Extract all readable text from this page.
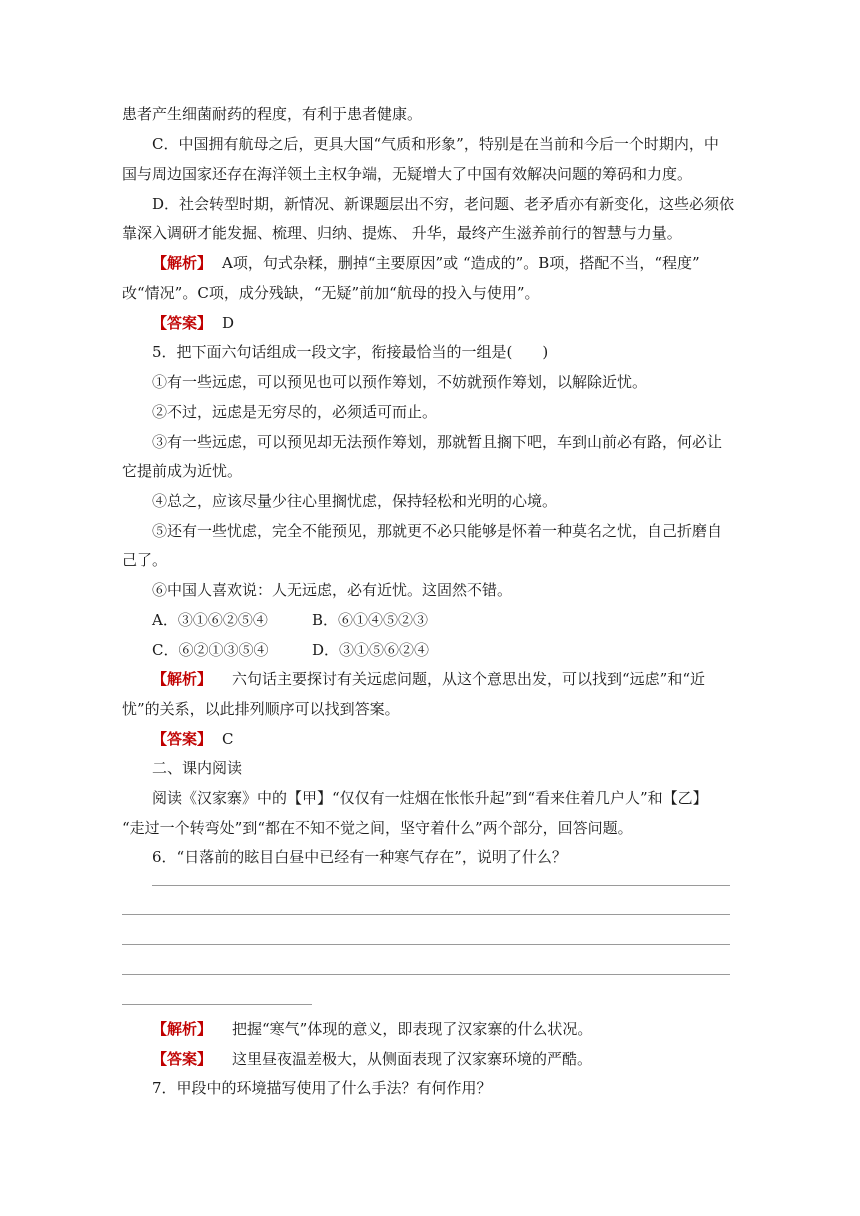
患者产生细菌耐药的程度，有利于患者健康。
C．中国拥有航母之后，更具大国“气质和形象”，特别是在当前和今后一个时期内，中
国与周边国家还存在海洋领土主权争端，无疑增大了中国有效解决问题的筹码和力度。
D．社会转型时期，新情况、新课题层出不穷，老问题、老矛盾亦有新变化，这些必须依
靠深入调研才能发掘、梳理、归纳、提炼、 升华，最终产生滋养前行的智慧与力量。
【解析】 A项，句式杂糅，删掉“主要原因”或 “造成的”。B项，搭配不当，“程度”
改“情况”。C项，成分残缺，“无疑”前加“航母的投入与使用”。
【答案】 D
5．把下面六句话组成一段文字，衔接最恰当的一组是(　　)
①有一些远虑，可以预见也可以预作筹划，不妨就预作筹划，以解除近忧。
②不过，远虑是无穷尽的，必须适可而止。
③有一些远虑，可以预见却无法预作筹划，那就暂且搁下吧，车到山前必有路，何必让
它提前成为近忧。
④总之，应该尽量少往心里搁忧虑，保持轻松和光明的心境。
⑤还有一些忧虑，完全不能预见，那就更不必只能够是怀着一种莫名之忧，自己折磨自
己了。
⑥中国人喜欢说：人无远虑，必有近忧。这固然不错。
A．③①⑥②⑤④	B．⑥①④⑤②③
C．⑥②①③⑤④	D．③①⑤⑥②④
【解析】 六句话主要探讨有关远虑问题，从这个意思出发，可以找到“远虑”和“近
忧”的关系，以此排列顺序可以找到答案。
【答案】 C
二、课内阅读
阅读《汉家寨》中的【甲】“仅仅有一炷烟在怅怅升起”到“看来住着几户人”和【乙】
“走过一个转弯处”到“都在不知不觉之间，坚守着什么”两个部分，回答问题。
6．“日落前的眩目白昼中已经有一种寒气存在”，说明了什么？
【解析】 把握“寒气”体现的意义，即表现了汉家寨的什么状况。
【答案】 这里昼夜温差极大，从侧面表现了汉家寨环境的严酷。
7．甲段中的环境描写使用了什么手法？有何作用？
